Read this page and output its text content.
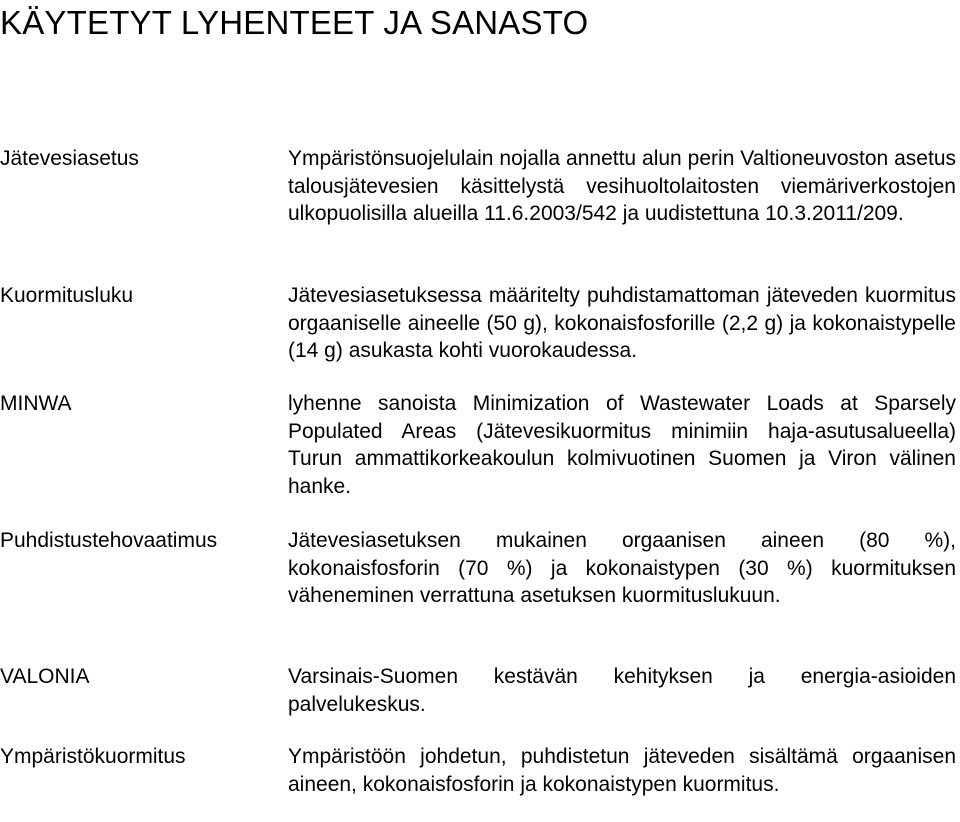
KÄYTETYT LYHENTEET JA SANASTO
Jätevesiasetus	Ympäristönsuojelulain nojalla annettu alun perin Valtioneuvoston asetus talousjätevesien käsittelystä vesihuoltolaitosten viemäriverkostojen ulkopuolisilla alueilla 11.6.2003/542 ja uudistettuna 10.3.2011/209.
Kuormitusluku	Jätevesiasetuksessa määritelty puhdistamattoman jäteveden kuormitus orgaaniselle aineelle (50 g), kokonaisfosforille (2,2 g) ja kokonaistypelle (14 g) asukasta kohti vuorokaudessa.
MINWA	lyhenne sanoista Minimization of Wastewater Loads at Sparsely Populated Areas (Jätevesikuormitus minimiin haja-asutusalueella) Turun ammattikorkeakoulun kolmivuotinen Suomen ja Viron välinen hanke.
Puhdistustehovaatimus	Jätevesiasetuksen mukainen orgaanisen aineen (80 %), kokonaisfosforin (70 %) ja kokonaistypen (30 %) kuormituksen väheneminen verrattuna asetuksen kuormituslukuun.
VALONIA	Varsinais-Suomen kestävän kehityksen ja energia-asioiden palvelukeskus.
Ympäristökuormitus	Ympäristöön johdetun, puhdistetun jäteveden sisältämä orgaanisen aineen, kokonaisfosforin ja kokonaistypen kuormitus.
